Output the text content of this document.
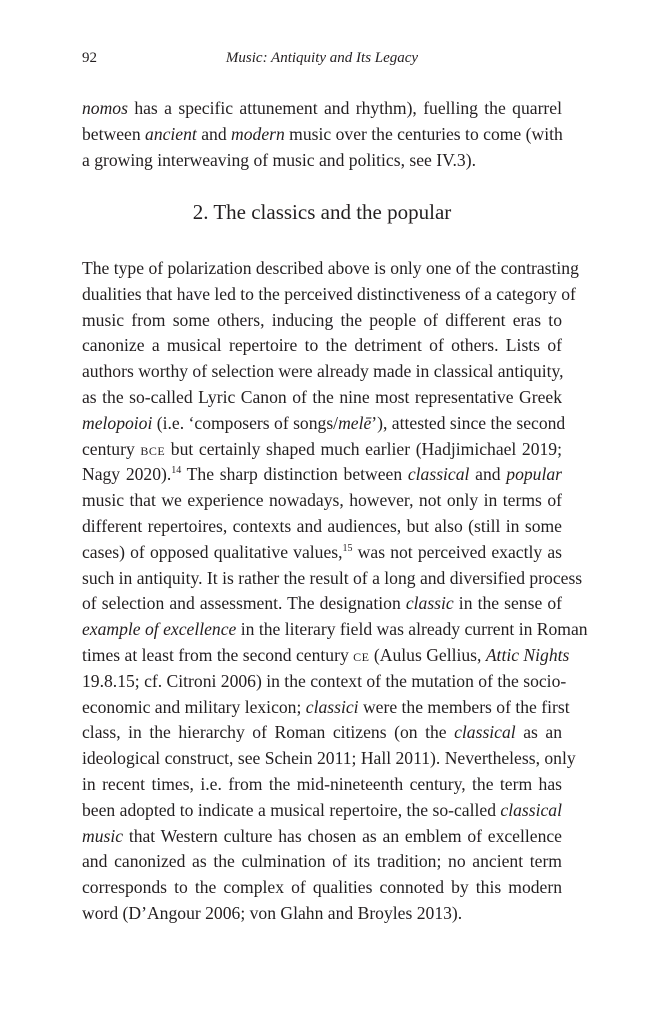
92	Music: Antiquity and Its Legacy

nomos has a specific attunement and rhythm), fuelling the quarrel
between ancient and modern music over the centuries to come (with
a growing interweaving of music and politics, see IV.3).

2. The classics and the popular

The type of polarization described above is only one of the contrasting
dualities that have led to the perceived distinctiveness of a category of
music from some others, inducing the people of different eras to
canonize a musical repertoire to the detriment of others. Lists of
authors worthy of selection were already made in classical antiquity,
as the so-called Lyric Canon of the nine most representative Greek
melopoioi (i.e. ‘composers of songs/melē’), attested since the second
century bce but certainly shaped much earlier (Hadjimichael 2019;
Nagy 2020).$^{14}$ The sharp distinction between classical and popular
music that we experience nowadays, however, not only in terms of
different repertoires, contexts and audiences, but also (still in some
cases) of opposed qualitative values,$^{15}$ was not perceived exactly as
such in antiquity. It is rather the result of a long and diversified process
of selection and assessment. The designation classic in the sense of
example of excellence in the literary field was already current in Roman
times at least from the second century ce (Aulus Gellius, Attic Nights
19.8.15; cf. Citroni 2006) in the context of the mutation of the socio-
economic and military lexicon; classici were the members of the first
class, in the hierarchy of Roman citizens (on the classical as an
ideological construct, see Schein 2011; Hall 2011). Nevertheless, only
in recent times, i.e. from the mid-nineteenth century, the term has
been adopted to indicate a musical repertoire, the so-called classical
music that Western culture has chosen as an emblem of excellence
and canonized as the culmination of its tradition; no ancient term
corresponds to the complex of qualities connoted by this modern
word (D’Angour 2006; von Glahn and Broyles 2013).
